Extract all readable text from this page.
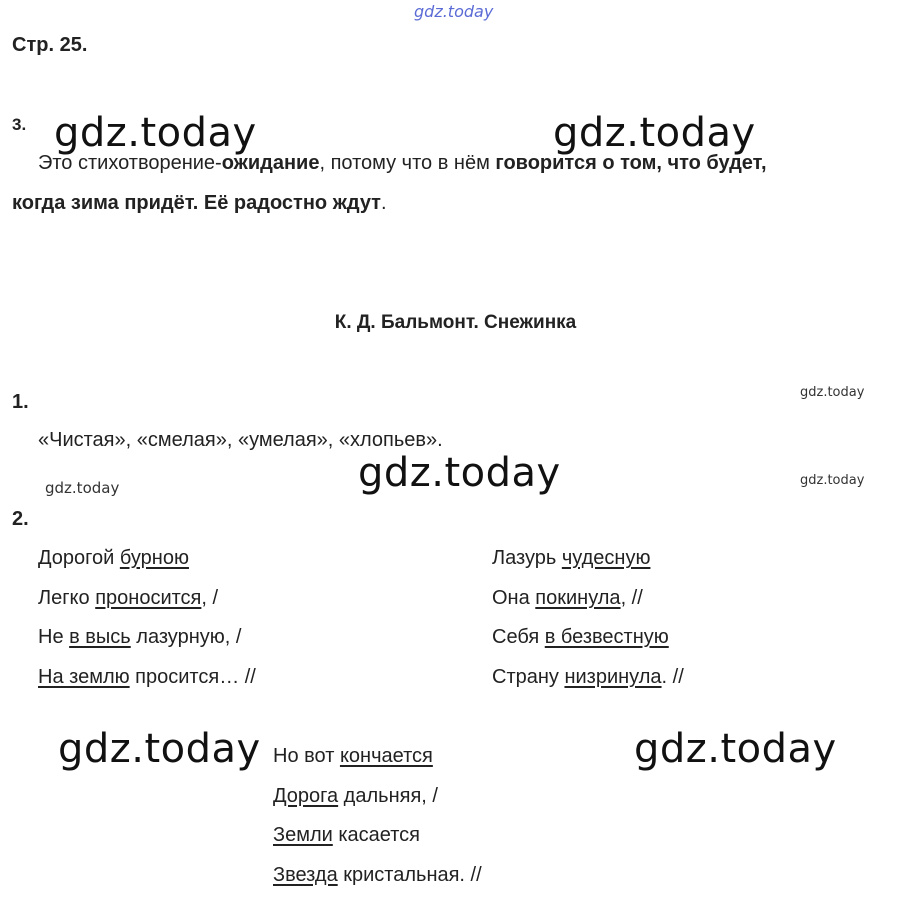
gdz.today
gdz.today	gdz.today
gdz.today
gdz.today	gdz.today
gdz.today
gdz.today	gdz.today
Стр. 25.
3.
Это стихотворение-ожидание, потому что в нём говорится о том, что будет,
когда зима придёт. Её радостно ждут.
К. Д. Бальмонт. Снежинка
1.
«Чистая», «смелая», «умелая», «хлопьев».
2.
Дорогой бурною
Легко проносится, /
Не в высь лазурную, /
На землю просится… //
Лазурь чудесную
Она покинула, //
Себя в безвестную
Страну низринула. //
Но вот кончается
Дорога дальняя, /
Земли касается
Звезда кристальная. //
